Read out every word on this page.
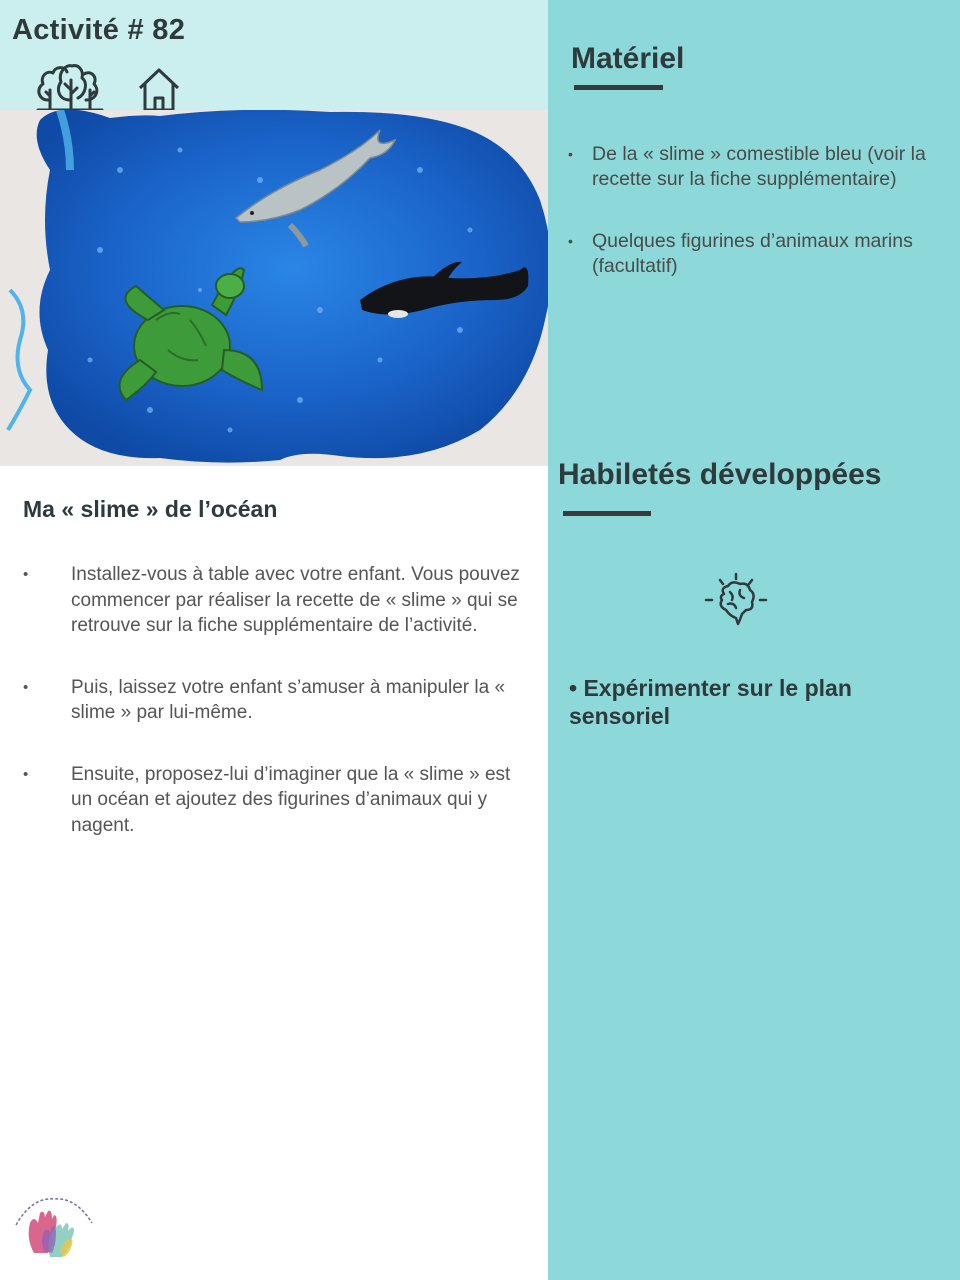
Activité # 82
Matériel
• De la « slime » comestible bleu (voir la recette sur la fiche supplémentaire)
• Quelques figurines d’animaux marins (facultatif)
Habiletés développées

• Expérimenter sur le plan sensoriel

Ma « slime » de l’océan
• Installez-vous à table avec votre enfant. Vous pouvez commencer par réaliser la recette de « slime » qui se retrouve sur la fiche supplémentaire de l’activité.
• Puis, laissez votre enfant s’amuser à manipuler la « slime » par lui-même.
• Ensuite, proposez-lui d’imaginer que la « slime » est un océan et ajoutez des figurines d’animaux qui y nagent.
